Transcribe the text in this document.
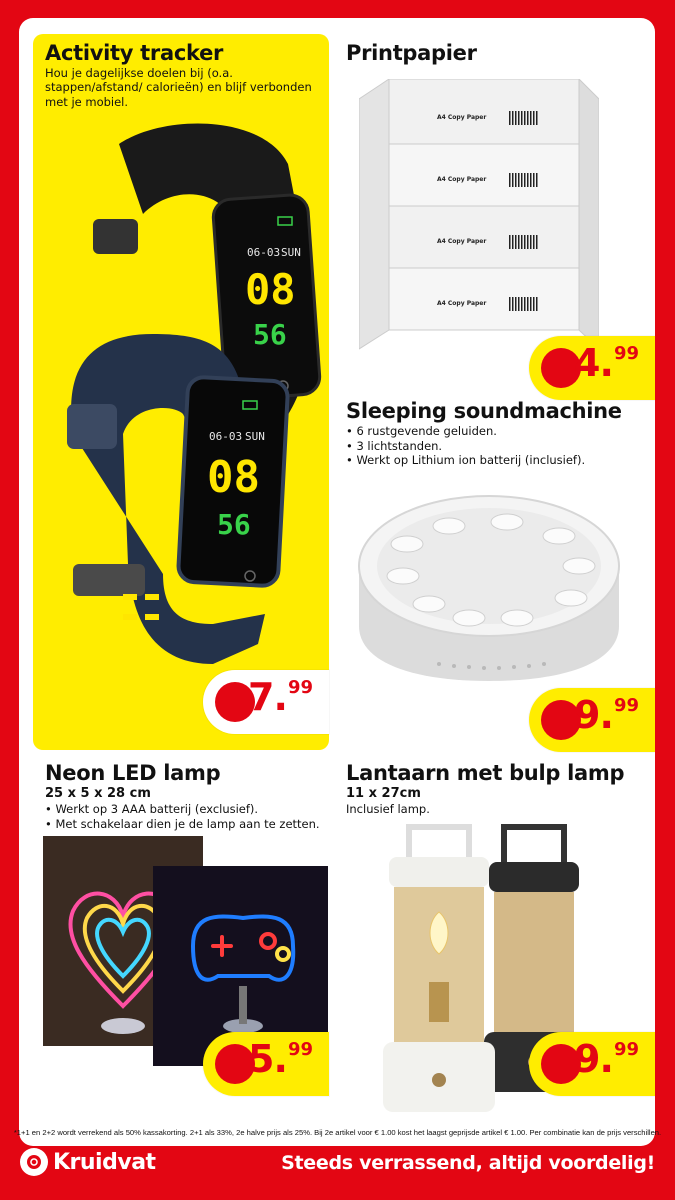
Activity tracker
Hou je dagelijkse doelen bij (o.a. stappen/afstand/ calorieën) en blijf verbonden met je mobiel.
06-03 SUN
08
56
06-03 SUN
08
56
7.99
Printpapier
A4 Copy Paper
A4 Copy Paper
A4 Copy Paper
A4 Copy Paper
4.99
Sleeping soundmachine
• 6 rustgevende geluiden.
• 3 lichtstanden.
• Werkt op Lithium ion batterij (inclusief).
9.99
Neon LED lamp
25 x 5 x 28 cm
• Werkt op 3 AAA batterij (exclusief).
• Met schakelaar dien je de lamp aan te zetten.
5.99
Lantaarn met bulp lamp
11 x 27cm
Inclusief lamp.
9.99
*1+1 en 2+2 wordt verrekend als 50% kassakorting. 2+1 als 33%, 2e halve prijs als 25%. Bij 2e artikel voor € 1.00 kost het laagst geprijsde artikel € 1.00. Per combinatie kan de prijs verschillen.
Kruidvat	Steeds verrassend, altijd voordelig!
